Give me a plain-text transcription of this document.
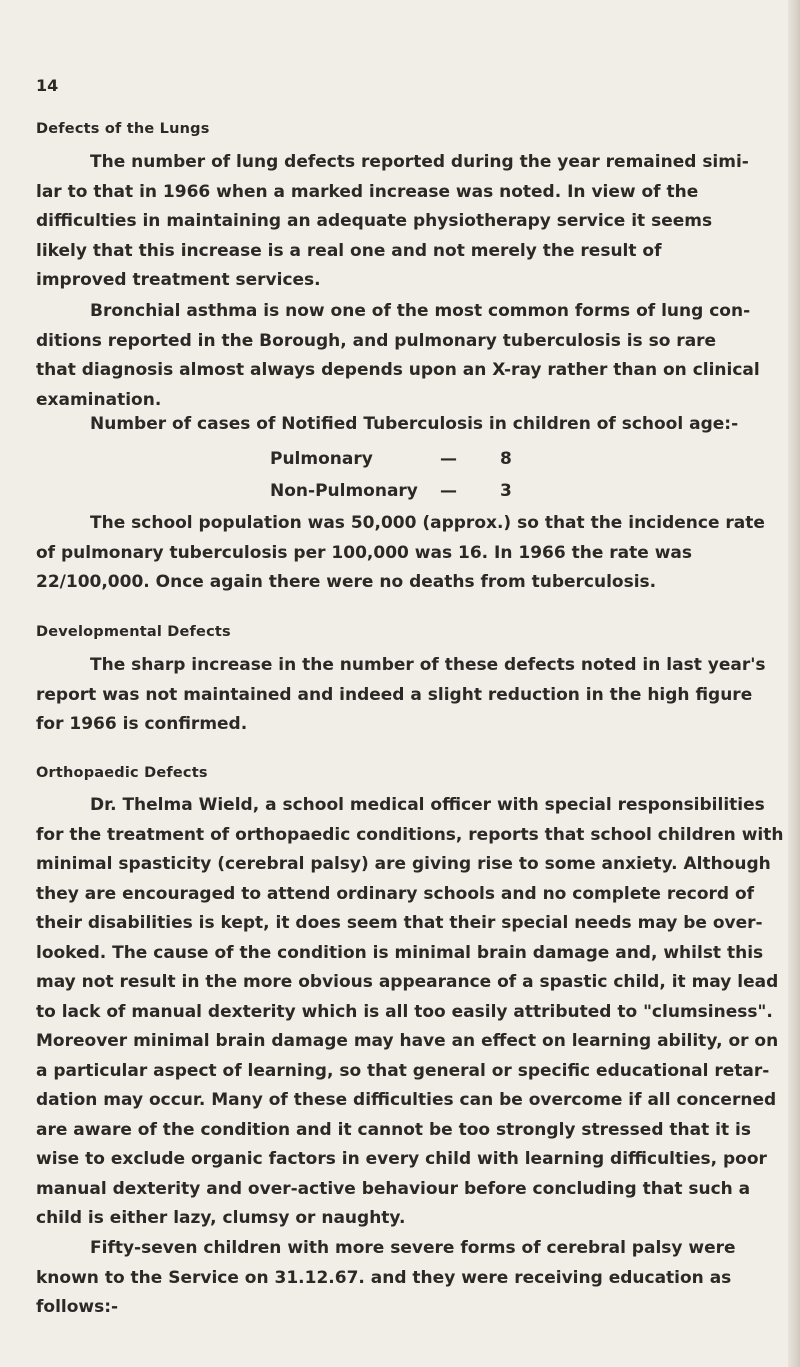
14
Defects of the Lungs
The number of lung defects reported during the year remained simi-
lar to that in 1966 when a marked increase was noted. In view of the
difficulties in maintaining an adequate physiotherapy service it seems
likely that this increase is a real one and not merely the result of
improved treatment services.
Bronchial asthma is now one of the most common forms of lung con-
ditions reported in the Borough, and pulmonary tuberculosis is so rare
that diagnosis almost always depends upon an X-ray rather than on clinical
examination.
Number of cases of Notified Tuberculosis in children of school age:-
Pulmonary	—	8
Non-Pulmonary —	3
The school population was 50,000 (approx.) so that the incidence rate
of pulmonary tuberculosis per 100,000 was 16. In 1966 the rate was
22/100,000. Once again there were no deaths from tuberculosis.
Developmental Defects
The sharp increase in the number of these defects noted in last year's
report was not maintained and indeed a slight reduction in the high figure
for 1966 is confirmed.
Orthopaedic Defects
Dr. Thelma Wield, a school medical officer with special responsibilities
for the treatment of orthopaedic conditions, reports that school children with
minimal spasticity (cerebral palsy) are giving rise to some anxiety. Although
they are encouraged to attend ordinary schools and no complete record of
their disabilities is kept, it does seem that their special needs may be over-
looked. The cause of the condition is minimal brain damage and, whilst this
may not result in the more obvious appearance of a spastic child, it may lead
to lack of manual dexterity which is all too easily attributed to "clumsiness".
Moreover minimal brain damage may have an effect on learning ability, or on
a particular aspect of learning, so that general or specific educational retar-
dation may occur. Many of these difficulties can be overcome if all concerned
are aware of the condition and it cannot be too strongly stressed that it is
wise to exclude organic factors in every child with learning difficulties, poor
manual dexterity and over-active behaviour before concluding that such a
child is either lazy, clumsy or naughty.
Fifty-seven children with more severe forms of cerebral palsy were
known to the Service on 31.12.67. and they were receiving education as
follows:-
